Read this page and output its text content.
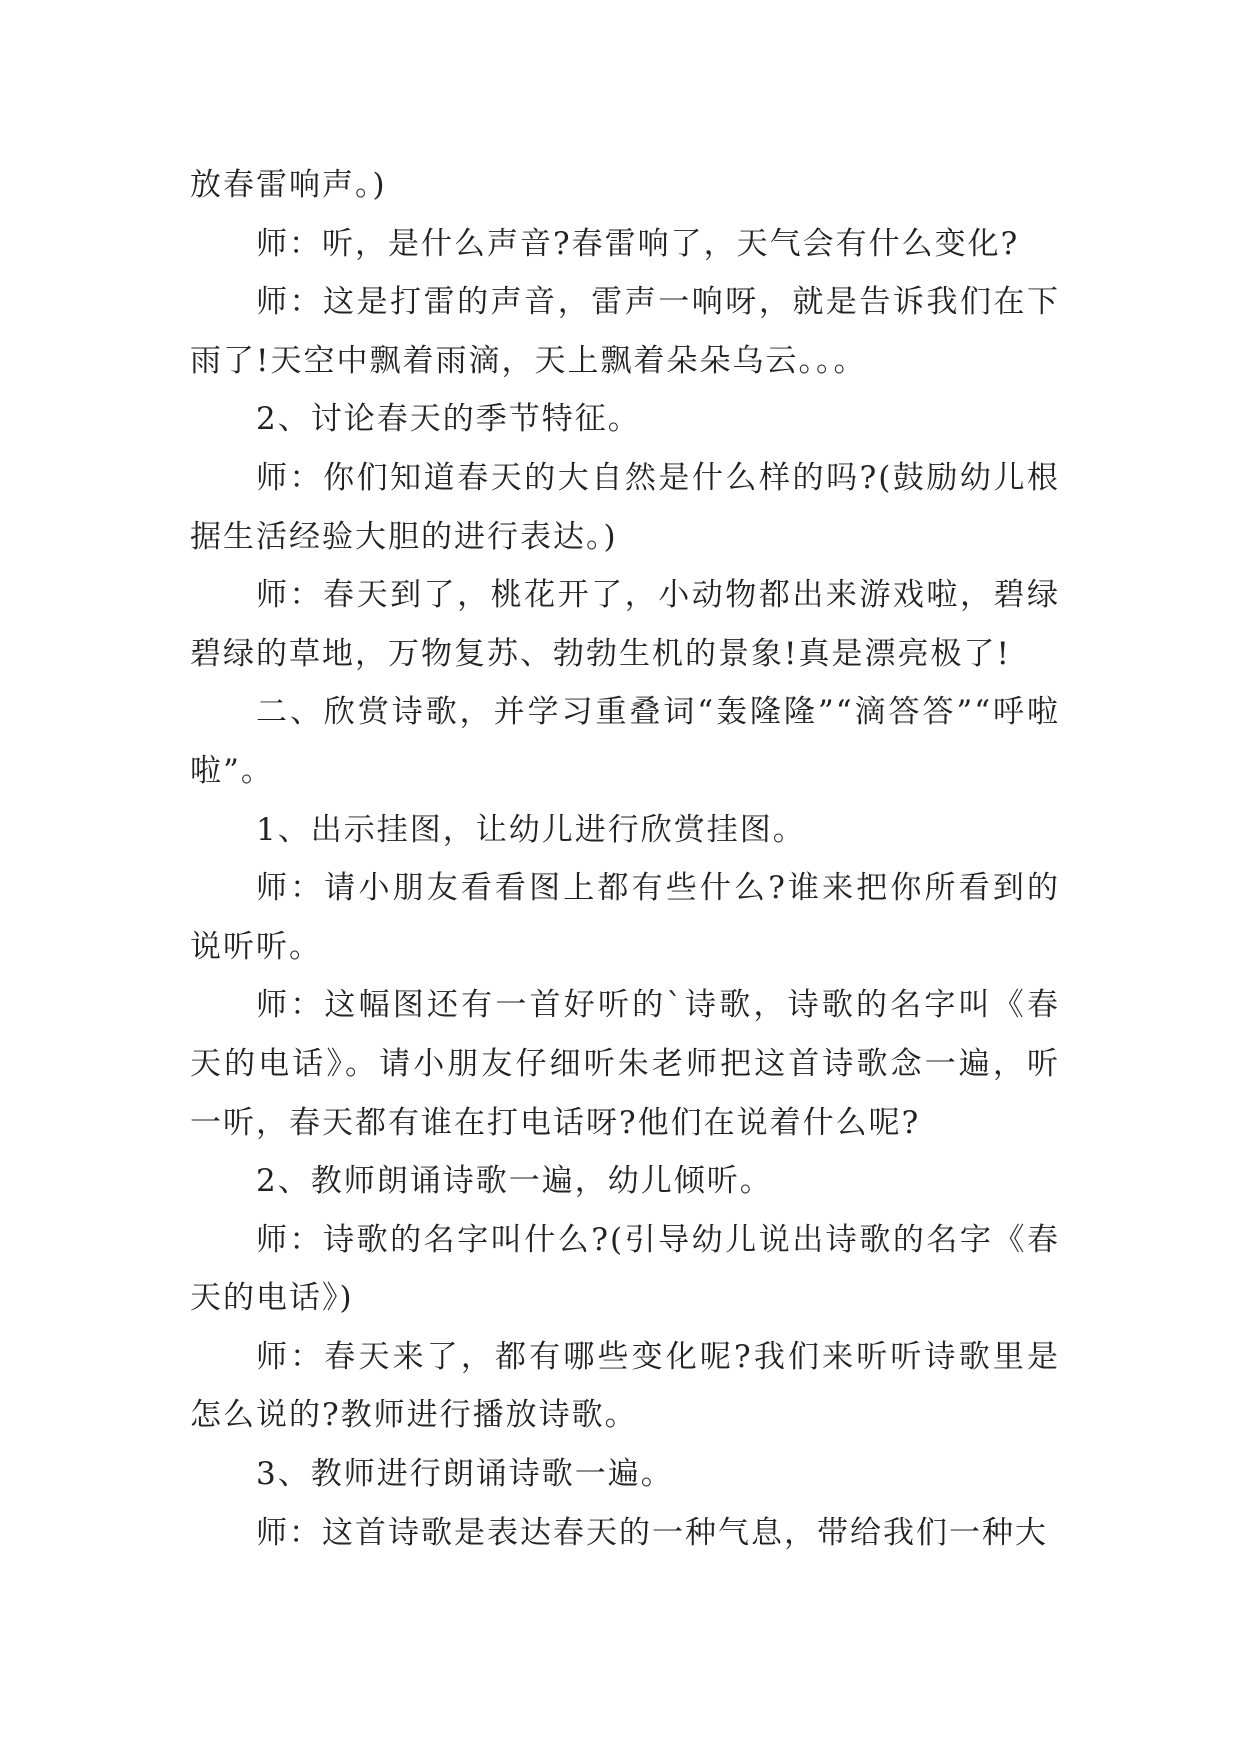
放春雷响声。)

师：听，是什么声音?春雷响了，天气会有什么变化?

师：这是打雷的声音，雷声一响呀，就是告诉我们在下雨了!天空中飘着雨滴，天上飘着朵朵乌云。。。

2、讨论春天的季节特征。

师：你们知道春天的大自然是什么样的吗?(鼓励幼儿根据生活经验大胆的进行表达。)

师：春天到了，桃花开了，小动物都出来游戏啦，碧绿碧绿的草地，万物复苏、勃勃生机的景象!真是漂亮极了!

二、欣赏诗歌，并学习重叠词“轰隆隆”“滴答答”“呼啦啦”。

1、出示挂图，让幼儿进行欣赏挂图。

师：请小朋友看看图上都有些什么?谁来把你所看到的说听听。

师：这幅图还有一首好听的`诗歌，诗歌的名字叫《春天的电话》。请小朋友仔细听朱老师把这首诗歌念一遍，听一听，春天都有谁在打电话呀?他们在说着什么呢?

2、教师朗诵诗歌一遍，幼儿倾听。

师：诗歌的名字叫什么?(引导幼儿说出诗歌的名字《春天的电话》)

师：春天来了，都有哪些变化呢?我们来听听诗歌里是怎么说的?教师进行播放诗歌。

3、教师进行朗诵诗歌一遍。

师：这首诗歌是表达春天的一种气息，带给我们一种大
